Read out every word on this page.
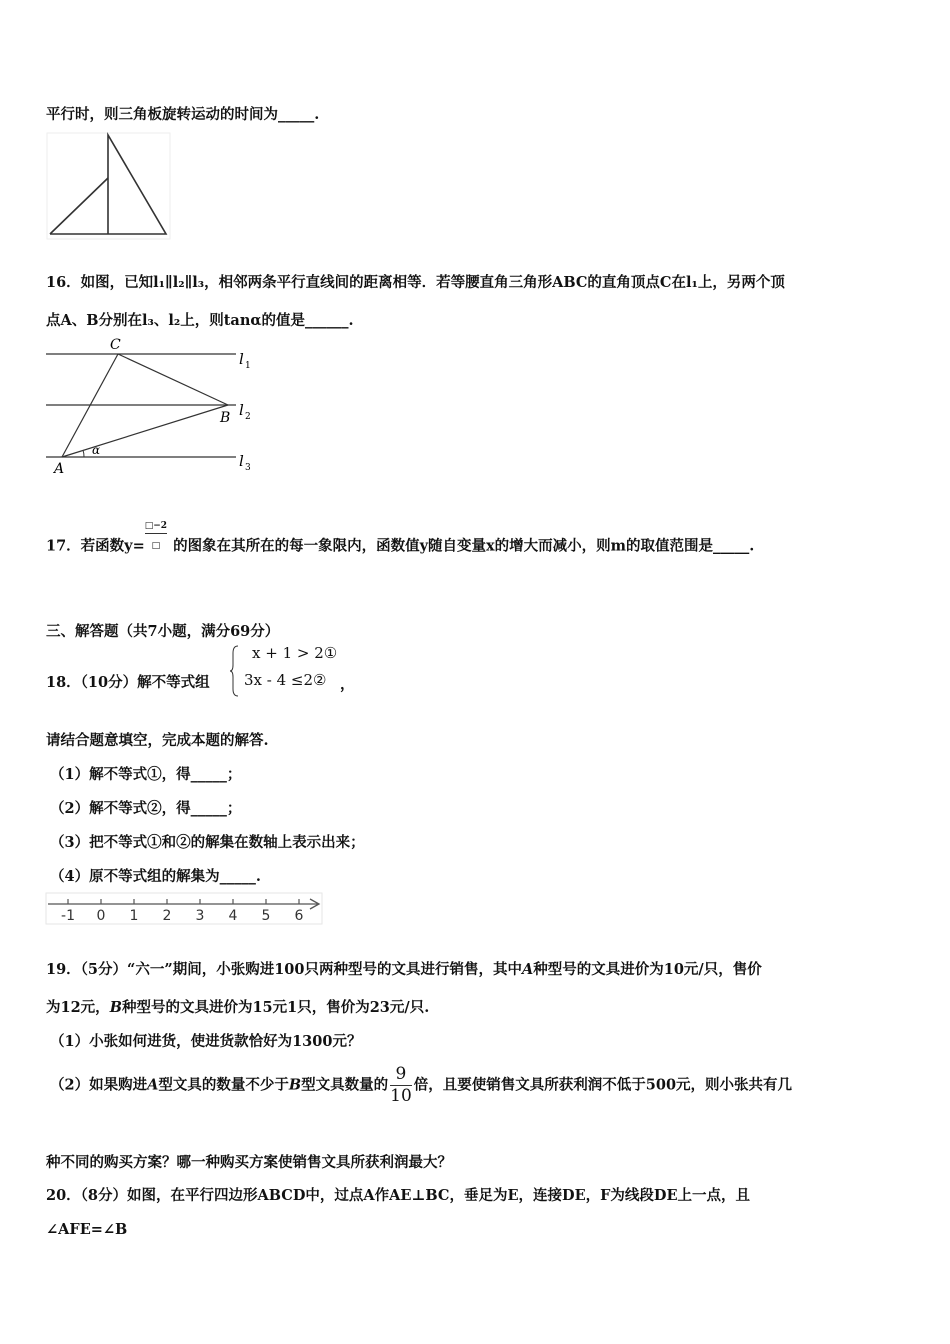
平行时，则三角板旋转运动的时间为_____.
16．如图，已知l₁∥l₂∥l₃，相邻两条平行直线间的距离相等．若等腰直角三角形ABC的直角顶点C在l₁上，另两个顶
点A、B分别在l₃、l₂上，则tanα的值是______.
C
B
A
α
l 1
l 2
l 3
17．若函数y=
□−2
□ 的图象在其所在的每一象限内，函数值y随自变量x的增大而减小，则m的取值范围是_____.
三、解答题（共7小题，满分69分）
18．（10分）解不等式组
x + 1 > 2①
3x - 4 ≤2② ，
请结合题意填空，完成本题的解答.
（1）解不等式①，得_____；
（2）解不等式②，得_____；
（3）把不等式①和②的解集在数轴上表示出来；
（4）原不等式组的解集为_____.
-1 0 1 2 3 4 5 6
19．（5分）“六一”期间，小张购进100只两种型号的文具进行销售，其中A种型号的文具进价为10元/只，售价
为12元，B种型号的文具进价为15元1只，售价为23元/只.
（1）小张如何进货，使进货款恰好为1300元？
（2）如果购进A型文具的数量不少于B型文具数量的 $\frac{9}{10}$ 倍，且要使销售文具所获利润不低于500元，则小张共有几
种不同的购买方案？哪一种购买方案使销售文具所获利润最大？
20．（8分）如图，在平行四边形ABCD中，过点A作AE⊥BC，垂足为E，连接DE，F为线段DE上一点，且
∠AFE=∠B
